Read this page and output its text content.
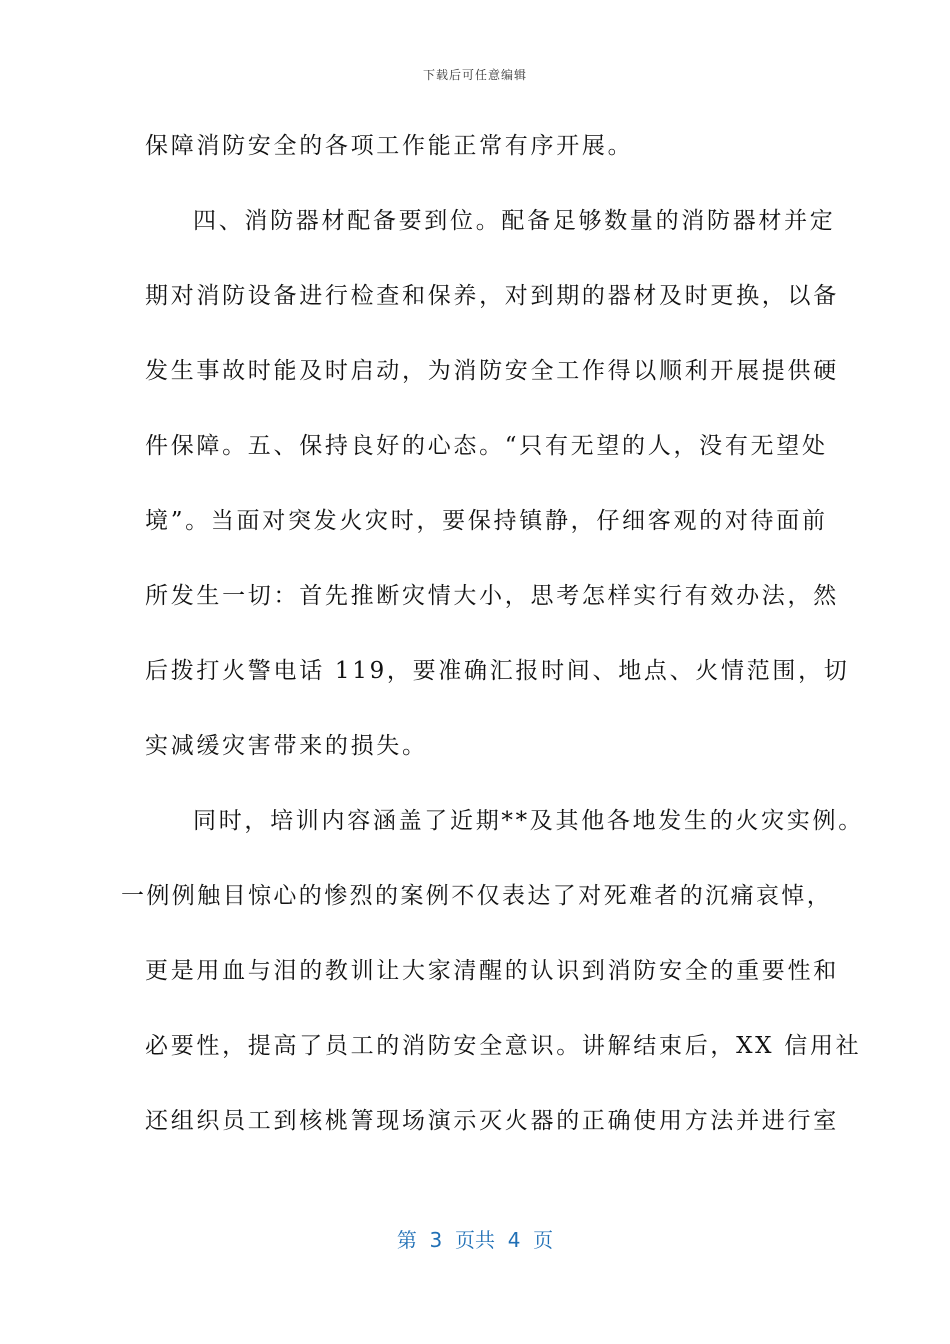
下载后可任意编辑
保障消防安全的各项工作能正常有序开展。
四、消防器材配备要到位。配备足够数量的消防器材并定
期对消防设备进行检查和保养，对到期的器材及时更换，以备
发生事故时能及时启动，为消防安全工作得以顺利开展提供硬
件保障。五、保持良好的心态。“只有无望的人，没有无望处
境”。当面对突发火灾时，要保持镇静，仔细客观的对待面前
所发生一切：首先推断灾情大小，思考怎样实行有效办法，然
后拨打火警电话 119，要准确汇报时间、地点、火情范围，切
实减缓灾害带来的损失。
同时，培训内容涵盖了近期**及其他各地发生的火灾实例。
一例例触目惊心的惨烈的案例不仅表达了对死难者的沉痛哀悼，
更是用血与泪的教训让大家清醒的认识到消防安全的重要性和
必要性，提高了员工的消防安全意识。讲解结束后，XX 信用社
还组织员工到核桃箐现场演示灭火器的正确使用方法并进行室
第  3  页共  4  页
